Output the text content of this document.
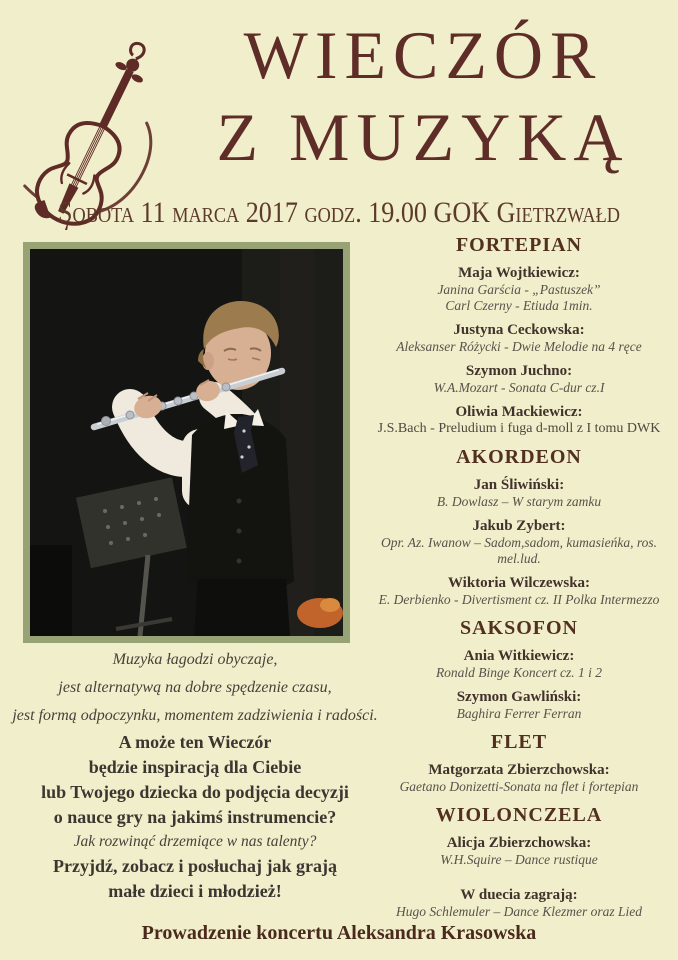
WIECZÓR
Z MUZYKĄ
Sobota 11 marca 2017 godz. 19.00 GOK Gietrzwałd
Muzyka łagodzi obyczaje,
jest alternatywą na dobre spędzenie czasu,
jest formą odpoczynku, momentem zadziwienia i radości.
A może ten Wieczór
będzie inspiracją dla Ciebie
lub Twojego dziecka do podjęcia decyzji
o nauce gry na jakimś instrumencie?
Jak rozwinąć drzemiące w nas talenty?
Przyjdź, zobacz i posłuchaj jak grają
małe dzieci i młodzież!
FORTEPIAN
Maja Wojtkiewicz:
Janina Garścia - „Pastuszek”
Carl Czerny - Etiuda 1min.
Justyna Ceckowska:
Aleksanser Różycki - Dwie Melodie na 4 ręce
Szymon Juchno:
W.A.Mozart - Sonata C-dur cz.I
Oliwia Mackiewicz:
J.S.Bach - Preludium i fuga d-moll z I tomu DWK
AKORDEON
Jan Śliwiński:
B. Dowlasz – W starym zamku
Jakub Zybert:
Opr. Az. Iwanow – Sadom,sadom, kumasieńka, ros. mel.lud.
Wiktoria Wilczewska:
E. Derbienko - Divertisment cz. II Polka Intermezzo
SAKSOFON
Ania Witkiewicz:
Ronald Binge Koncert cz. 1 i 2
Szymon Gawliński:
Baghira Ferrer Ferran
FLET
Matgorzata Zbierzchowska:
Gaetano Donizetti-Sonata na flet i fortepian
WIOLONCZELA
Alicja Zbierzchowska:
W.H.Squire – Dance rustique
W duecia zagrają:
Hugo Schlemuler – Dance Klezmer oraz Lied
Prowadzenie koncertu Aleksandra Krasowska
